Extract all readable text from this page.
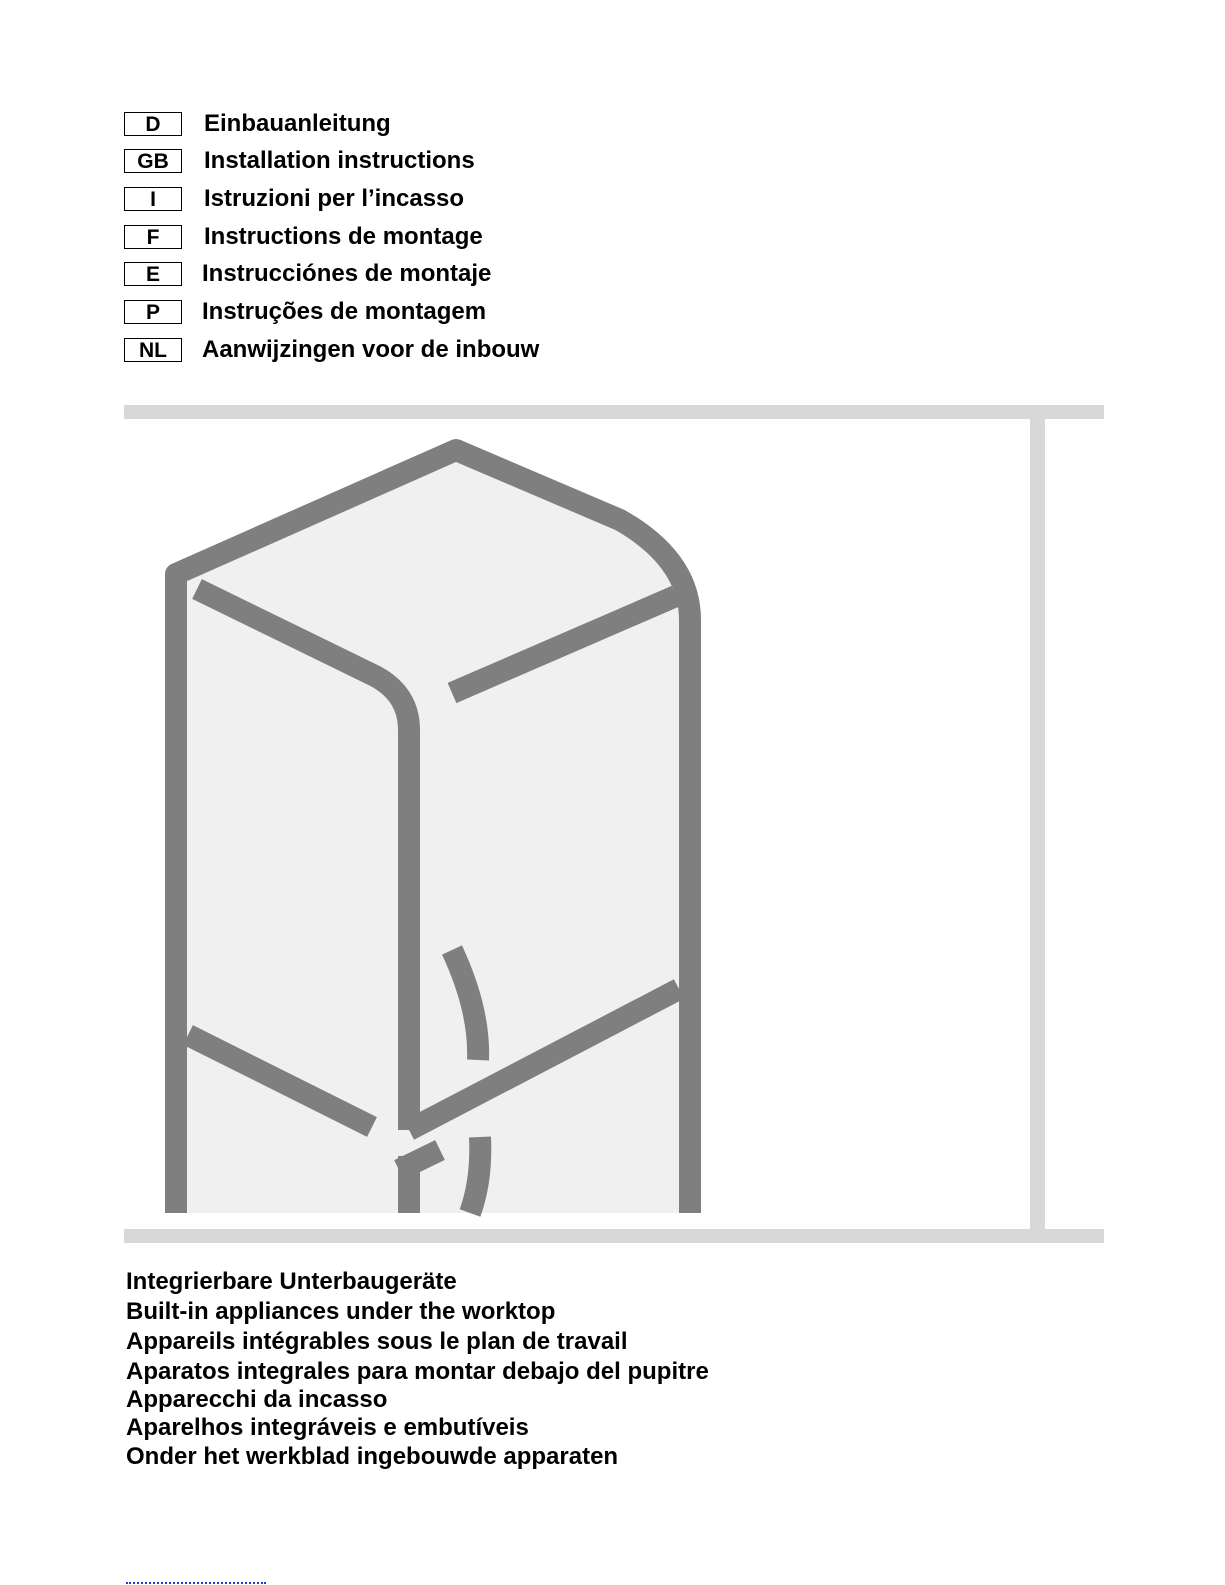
D	Einbauanleitung
GB	Installation instructions
I	Istruzioni per l’incasso
F	Instructions de montage
E	Instrucciónes de montaje
P	Instruções de montagem
NL	Aanwijzingen voor de inbouw
Integrierbare Unterbaugeräte
Built-in appliances under the worktop
Appareils intégrables sous le plan de travail
Aparatos integrales para montar debajo del pupitre
Apparecchi da incasso
Aparelhos integráveis e embutíveis
Onder het werkblad ingebouwde apparaten
